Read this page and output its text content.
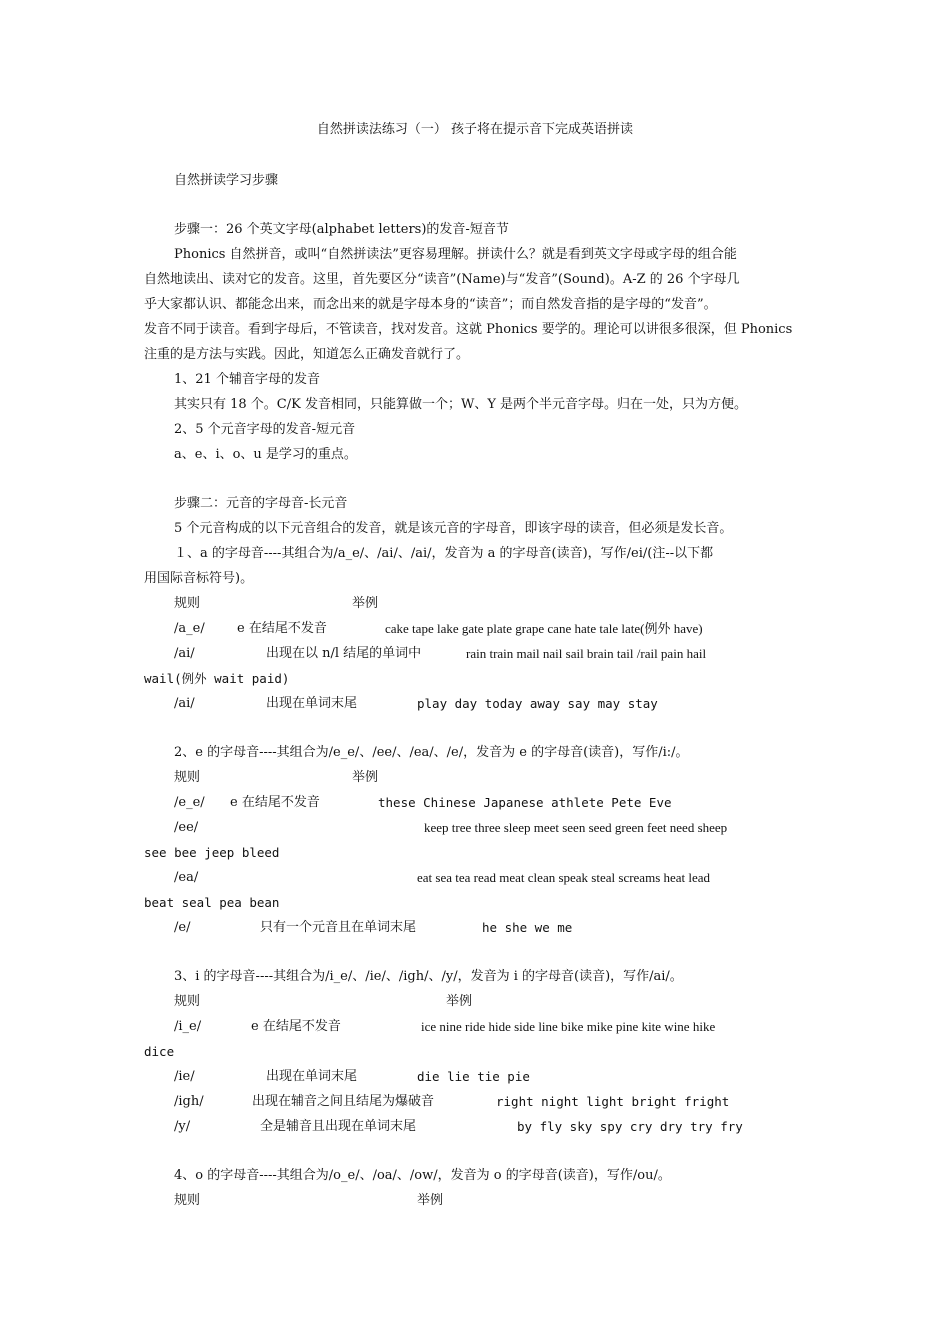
自然拼读法练习（一） 孩子将在提示音下完成英语拼读
自然拼读学习步骤
步骤一：26 个英文字母(alphabet letters)的发音-短音节
Phonics 自然拼音，或叫“自然拼读法”更容易理解。拼读什么？就是看到英文字母或字母的组合能
自然地读出、读对它的发音。这里，首先要区分“读音”(Name)与“发音”(Sound)。A-Z 的 26 个字母几
乎大家都认识、都能念出来，而念出来的就是字母本身的“读音”；而自然发音指的是字母的“发音”。
发音不同于读音。看到字母后，不管读音，找对发音。这就 Phonics 要学的。理论可以讲很多很深，但 Phonics
注重的是方法与实践。因此，知道怎么正确发音就行了。
1、21 个辅音字母的发音
其实只有 18 个。C/K 发音相同，只能算做一个；W、Y 是两个半元音字母。归在一处，只为方便。
2、5 个元音字母的发音-短元音
a、e、i、o、u 是学习的重点。
步骤二：元音的字母音-长元音
5 个元音构成的以下元音组合的发音，就是该元音的字母音，即该字母的读音，但必须是发长音。
１、a 的字母音----其组合为/a_e/、/ai/、/ai/，发音为 a 的字母音(读音)，写作/ei/(注--以下都
用国际音标符号)。
规则	举例
/a_e/ e 在结尾不发音	cake tape lake gate plate grape cane hate tale late(例外 have)
/ai/	出现在以 n/l 结尾的单词中	rain train mail nail sail brain tail /rail pain hail
wail(例外 wait paid)
/ai/	出现在单词末尾	play day today away say may stay
2、e 的字母音----其组合为/e_e/、/ee/、/ea/、/e/，发音为 e 的字母音(读音)，写作/i:/。
规则	举例
/e_e/ e 在结尾不发音	these Chinese Japanese athlete Pete Eve
/ee/	keep tree three sleep meet seen seed green feet need sheep
see bee jeep bleed
/ea/	eat sea tea read meat clean speak steal screams heat lead
beat seal pea bean
/e/	只有一个元音且在单词末尾	he she we me
3、i 的字母音----其组合为/i_e/、/ie/、/igh/、/y/，发音为 i 的字母音(读音)，写作/ai/。
规则	举例
/i_e/	e 在结尾不发音	ice nine ride hide side line bike mike pine kite wine hike
dice
/ie/	出现在单词末尾	die lie tie pie
/igh/	出现在辅音之间且结尾为爆破音	right night light bright fright
/y/	全是辅音且出现在单词末尾	by fly sky spy cry dry try fry
4、o 的字母音----其组合为/o_e/、/oa/、/ow/，发音为 o 的字母音(读音)，写作/ou/。
规则	举例
